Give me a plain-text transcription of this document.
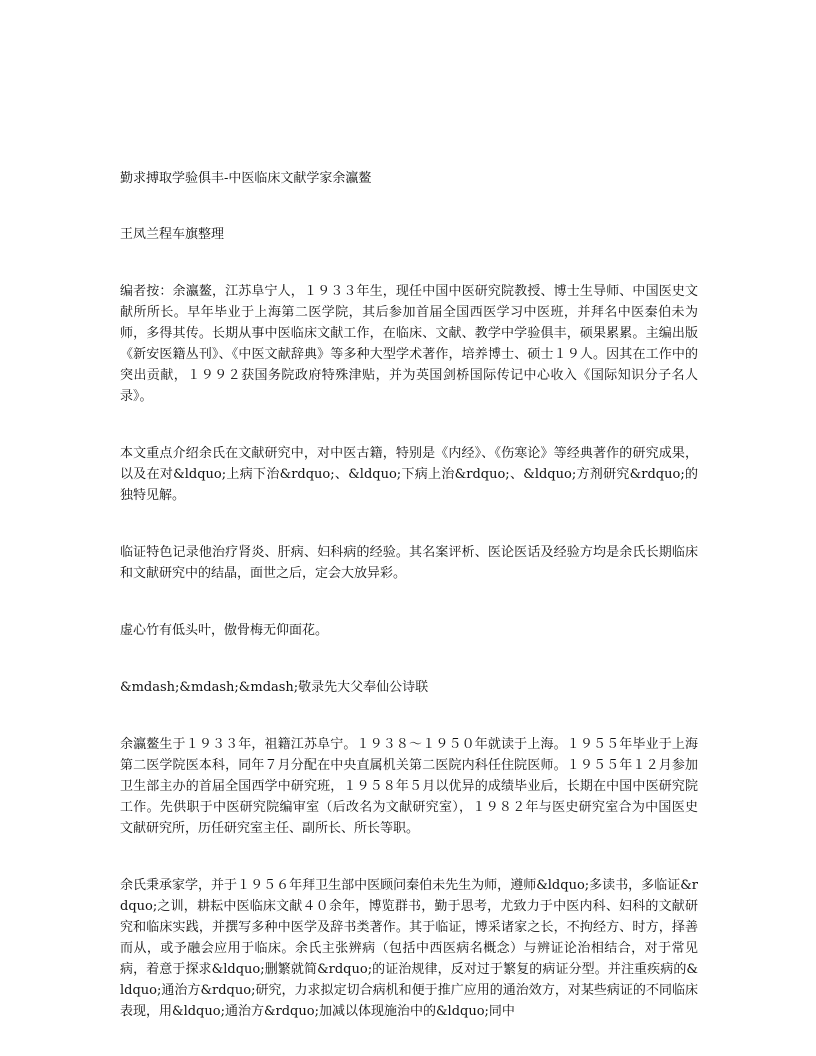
勤求搏取学验俱丰-中医临床文献学家余瀛鳌

王凤兰程车旗整理

编者按：余瀛鳌，江苏阜宁人，１９３３年生，现任中国中医研究院教授、博士生导师、中国医史文献所所长。早年毕业于上海第二医学院，其后参加首届全国西医学习中医班，并拜名中医秦伯未为师，多得其传。长期从事中医临床文献工作，在临床、文献、教学中学验俱丰，硕果累累。主编出版《新安医籍丛刊》、《中医文献辞典》等多种大型学术著作，培养博士、硕士１９人。因其在工作中的突出贡献，１９９２获国务院政府特殊津贴，并为英国剑桥国际传记中心收入《国际知识分子名人录》。

本文重点介绍余氏在文献研究中，对中医古籍，特别是《内经》、《伤寒论》等经典著作的研究成果，以及在对&ldquo;上病下治&rdquo;、&ldquo;下病上治&rdquo;、&ldquo;方剂研究&rdquo;的独特见解。

临证特色记录他治疗肾炎、肝病、妇科病的经验。其名案评析、医论医话及经验方均是余氏长期临床和文献研究中的结晶，面世之后，定会大放异彩。

虚心竹有低头叶，傲骨梅无仰面花。

&mdash;&mdash;&mdash;敬录先大父奉仙公诗联

余瀛鳌生于１９３３年，祖籍江苏阜宁。１９３８～１９５０年就读于上海。１９５５年毕业于上海第二医学院医本科，同年７月分配在中央直属机关第二医院内科任住院医师。１９５５年１２月参加卫生部主办的首届全国西学中研究班，１９５８年５月以优异的成绩毕业后，长期在中国中医研究院工作。先供职于中医研究院编审室（后改名为文献研究室），１９８２年与医史研究室合为中国医史文献研究所，历任研究室主任、副所长、所长等职。

余氏秉承家学，并于１９５６年拜卫生部中医顾问秦伯未先生为师，遵师&ldquo;多读书，多临证&rdquo;之训，耕耘中医临床文献４０余年，博览群书，勤于思考，尤致力于中医内科、妇科的文献研究和临床实践，并撰写多种中医学及辞书类著作。其于临证，博采诸家之长，不拘经方、时方，择善而从，或予融会应用于临床。余氏主张辨病（包括中西医病名概念）与辨证论治相结合，对于常见病，着意于探求&ldquo;删繁就简&rdquo;的证治规律，反对过于繁复的病证分型。并注重疾病的&ldquo;通治方&rdquo;研究，力求拟定切合病机和便于推广应用的通治效方，对某些病证的不同临床表现，用&ldquo;通治方&rdquo;加减以体现施治中的&ldquo;同中
